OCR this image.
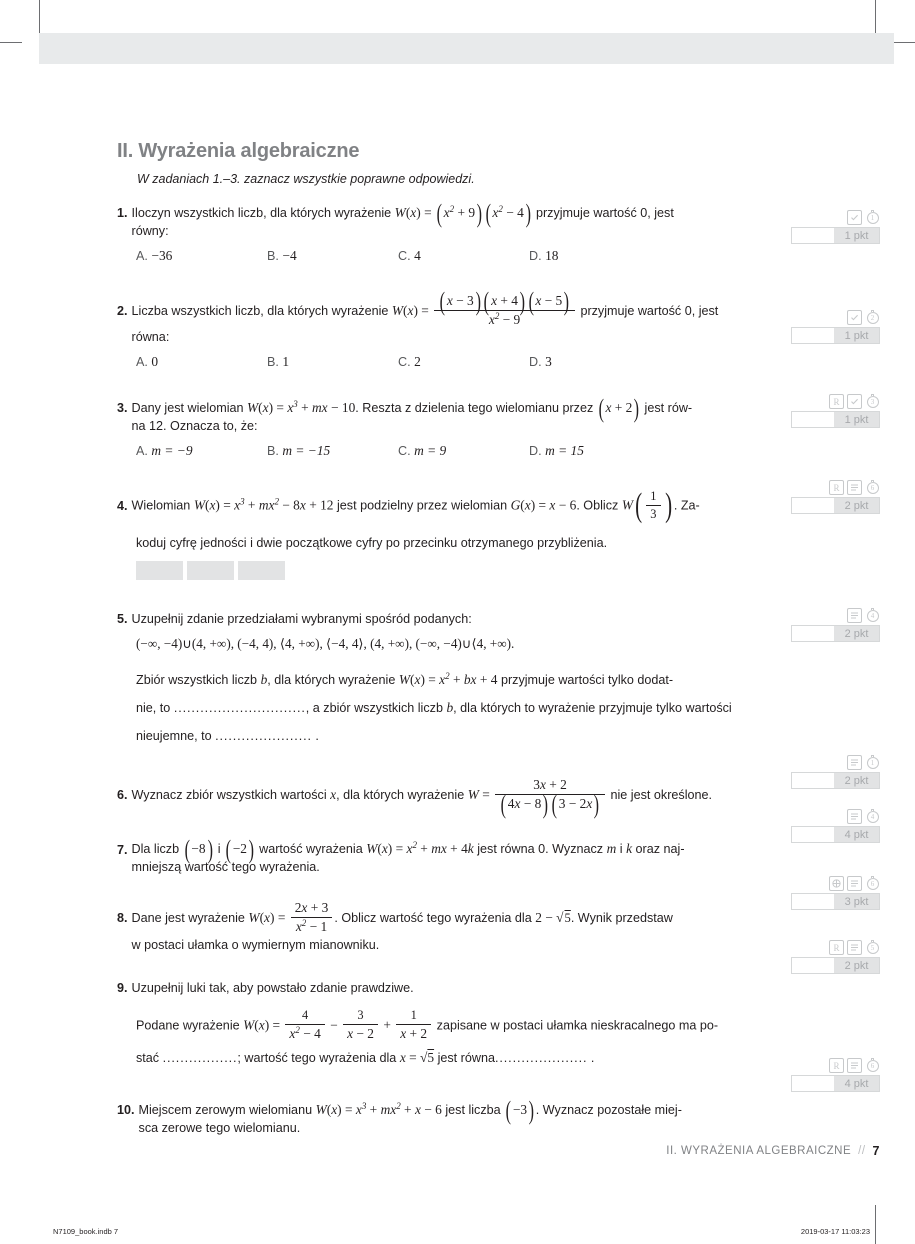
II. Wyrażenia algebraiczne
W zadaniach 1.–3. zaznacz wszystkie poprawne odpowiedzi.
1. Iloczyn wszystkich liczb, dla których wyrażenie W(x) = ( $x^2 + 9$) ( $x^2 - 4$) przyjmuje wartość 0, jest
równy:
A. −36	B. −4	C. 4	D. 18
2. Liczba wszystkich liczb, dla których wyrażenie $W(x) = \frac{( x - 3) ( x + 4) ( x - 5)}{x^2 - 9}$ przyjmuje wartość 0, jest
równa:
A. 0	B. 1	C. 2	D. 3
3. Dany jest wielomian $W(x) = x^3$ + mx − 10. Reszta z dzielenia tego wielomianu przez ( x + 2) jest rów-
na 12. Oznacza to, że:
A. m = −9	B. m = −15	C. m = 9	D. m = 15
4. Wielomian $W(x) = x^3 + mx^2 - 8x + 12$ jest podzielny przez wielomian G(x) = x − 6. Oblicz $W( \frac{1}{3}$ ) . Za-
koduj cyfrę jedności i dwie początkowe cyfry po przecinku otrzymanego przybliżenia.
5. Uzupełnij zdanie przedziałami wybranymi spośród podanych:
(−∞, −4)∪(4, +∞), (−4, 4), ⟨4, +∞), ⟨−4, 4⟩, (4, +∞), (−∞, −4)∪⟨4, +∞).
Zbiór wszystkich liczb b, dla których wyrażenie $W(x) = x^2$ + bx + 4 przyjmuje wartości tylko dodat-
nie, to .............................., a zbiór wszystkich liczb b, dla których to wyrażenie przyjmuje tylko wartości
nieujemne, to ...................... .
6. Wyznacz zbiór wszystkich wartości x, dla których wyrażenie $W = \frac{3x + 2}{( 4x - 8) ( 3 - 2x)}$ nie jest określone.
7. Dla liczb ( −8) i ( −2) wartość wyrażenia $W(x) = x^2$ + mx + 4k jest równa 0. Wyznacz m i k oraz naj-
mniejszą wartość tego wyrażenia.
8. Dane jest wyrażenie $W(x) = \frac{2x + 3}{x^2 - 1}$ . Oblicz wartość tego wyrażenia dla 2 − √5. Wynik przedstaw
w postaci ułamka o wymiernym mianowniku.
9. Uzupełnij luki tak, aby powstało zdanie prawdziwe.
Podane wyrażenie $W(x) = \frac{4}{x^2 - 4} - \frac{3}{x - 2} + \frac{1}{x + 2}$ zapisane w postaci ułamka nieskracalnego ma po-
stać .................; wartość tego wyrażenia dla x = √5 jest równa..................... .
10. Miejscem zerowym wielomianu $W(x) = x^3 + mx^2 + x - 6$ jest liczba ( −3) . Wyznacz pozostałe miej-
sca zerowe tego wielomianu.
1
1 pkt
2
1 pkt
R	3
1 pkt
R	6
2 pkt
4
2 pkt
1
2 pkt
4
4 pkt
6
3 pkt
R	5
2 pkt
R	6
4 pkt
II. WYRAŻENIA ALGEBRAICZNE // 7
N7109_book.indb 7	2019-03-17 11:03:23
